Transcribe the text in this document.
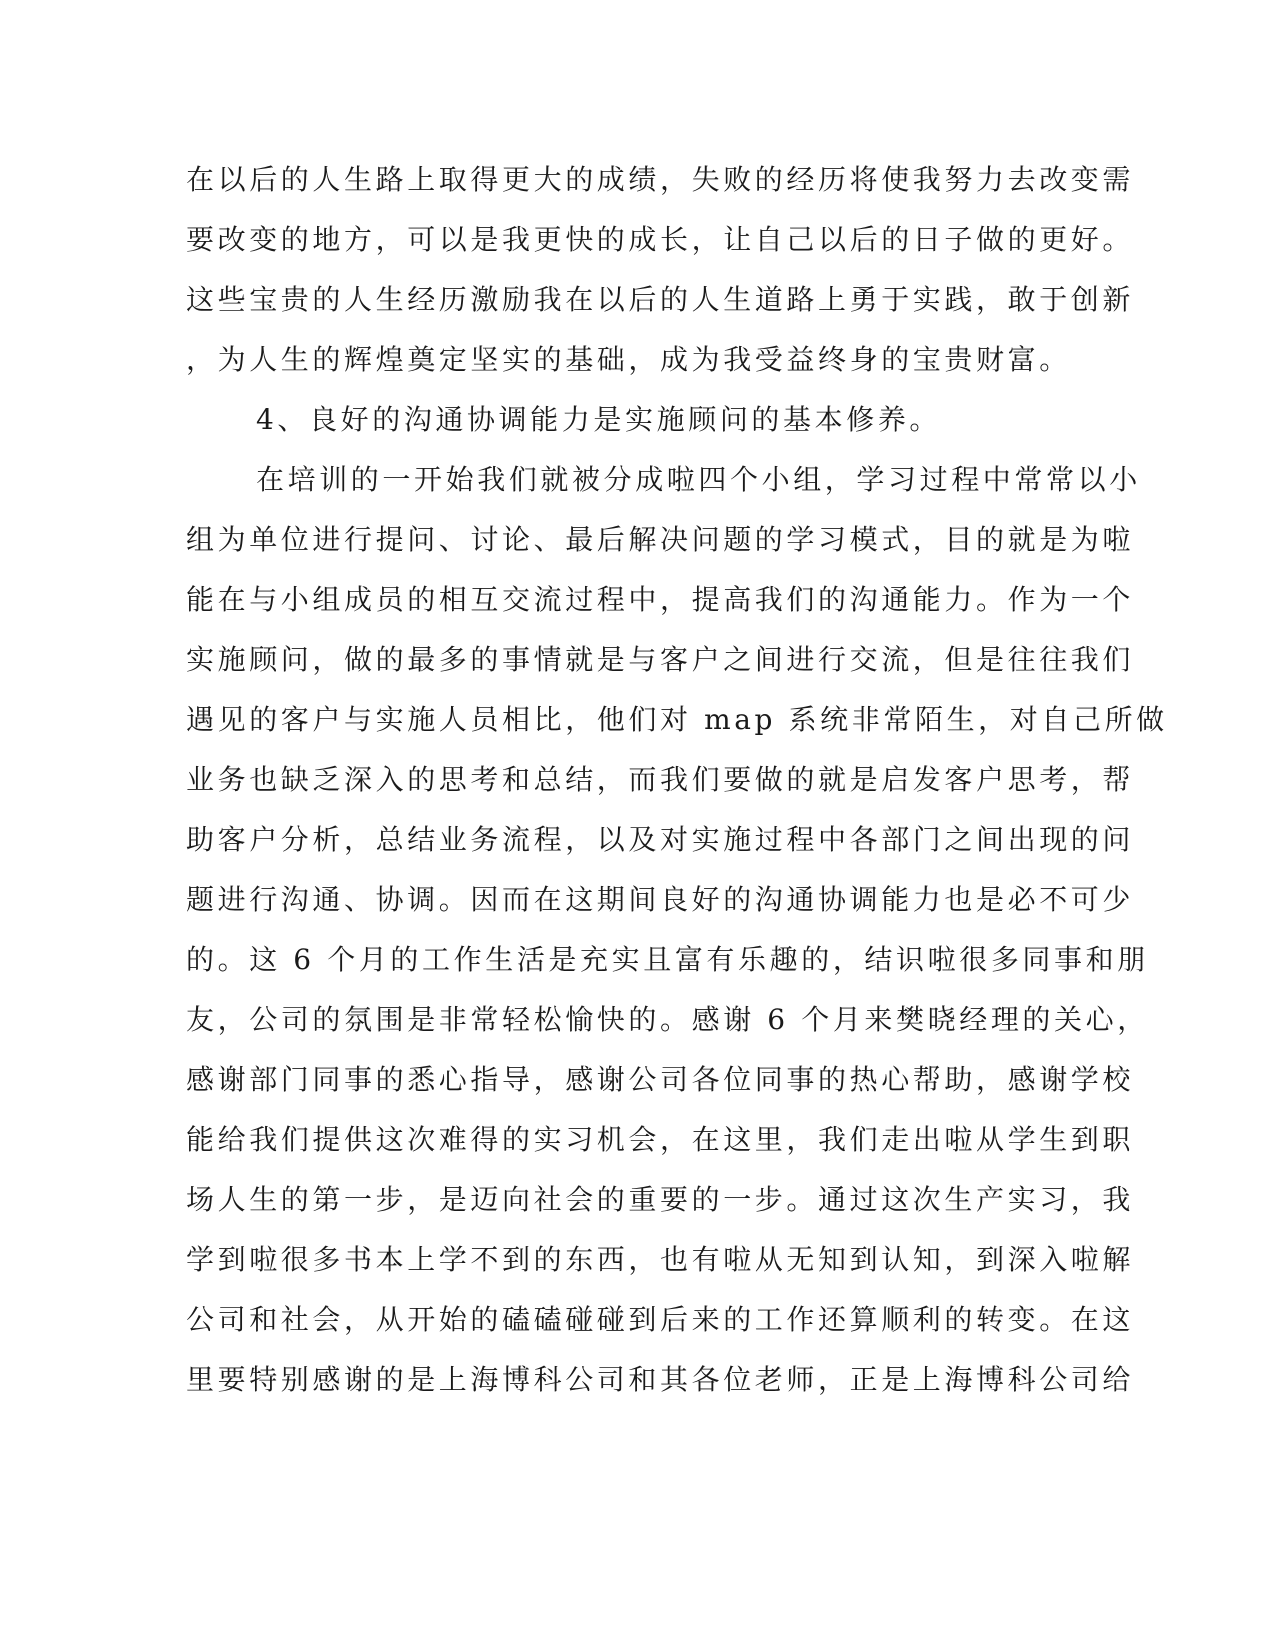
在以后的人生路上取得更大的成绩，失败的经历将使我努力去改变需
要改变的地方，可以是我更快的成长，让自己以后的日子做的更好。
这些宝贵的人生经历激励我在以后的人生道路上勇于实践，敢于创新
，为人生的辉煌奠定坚实的基础，成为我受益终身的宝贵财富。
4、良好的沟通协调能力是实施顾问的基本修养。
在培训的一开始我们就被分成啦四个小组，学习过程中常常以小
组为单位进行提问、讨论、最后解决问题的学习模式，目的就是为啦
能在与小组成员的相互交流过程中，提高我们的沟通能力。作为一个
实施顾问，做的最多的事情就是与客户之间进行交流，但是往往我们
遇见的客户与实施人员相比，他们对 map 系统非常陌生，对自己所做
业务也缺乏深入的思考和总结，而我们要做的就是启发客户思考，帮
助客户分析，总结业务流程，以及对实施过程中各部门之间出现的问
题进行沟通、协调。因而在这期间良好的沟通协调能力也是必不可少
的。这 6 个月的工作生活是充实且富有乐趣的，结识啦很多同事和朋
友，公司的氛围是非常轻松愉快的。感谢 6 个月来樊晓经理的关心，
感谢部门同事的悉心指导，感谢公司各位同事的热心帮助，感谢学校
能给我们提供这次难得的实习机会，在这里，我们走出啦从学生到职
场人生的第一步，是迈向社会的重要的一步。通过这次生产实习，我
学到啦很多书本上学不到的东西，也有啦从无知到认知，到深入啦解
公司和社会，从开始的磕磕碰碰到后来的工作还算顺利的转变。在这
里要特别感谢的是上海博科公司和其各位老师，正是上海博科公司给
